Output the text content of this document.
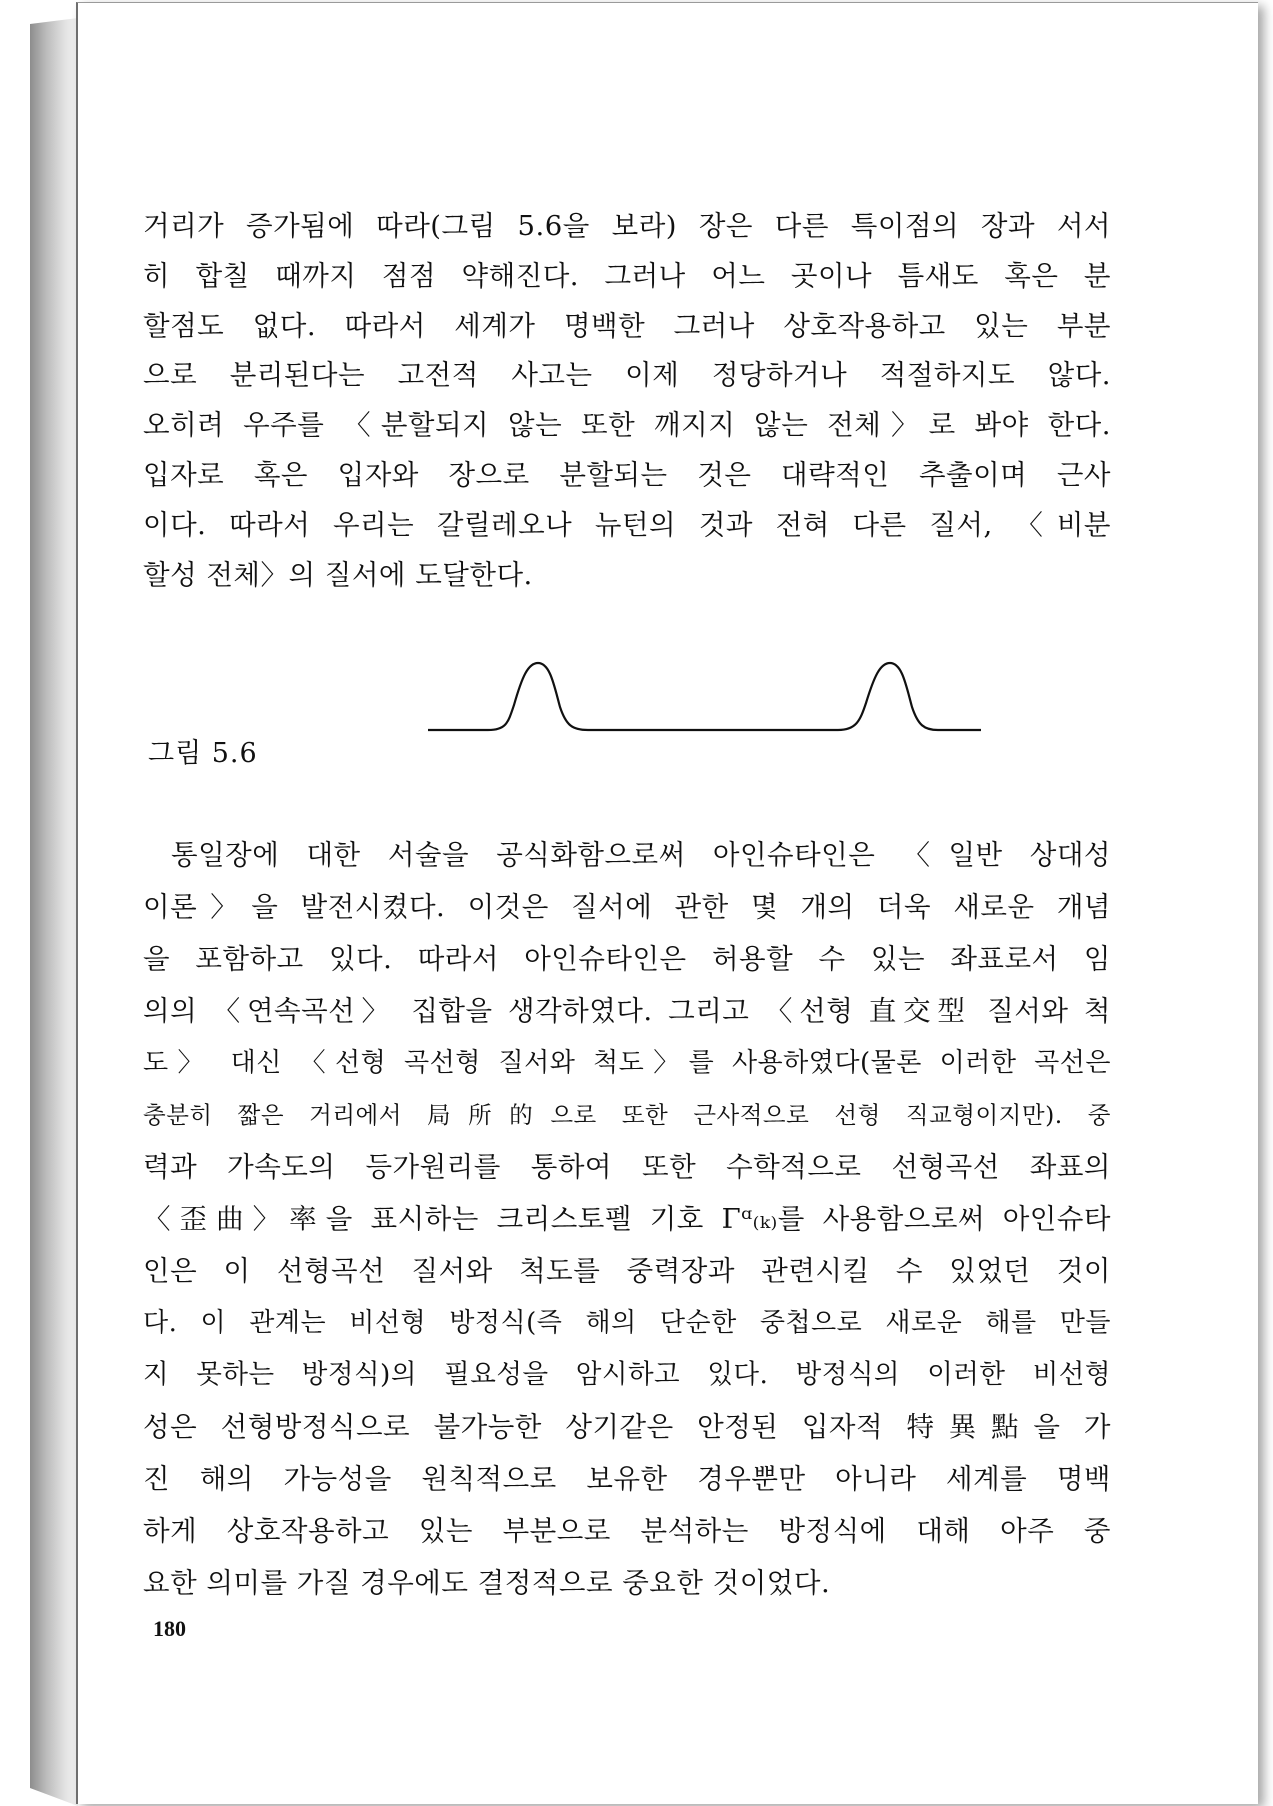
거리가 증가됨에 따라(그림 5.6을 보라) 장은 다른 특이점의 장과 서서

히 합칠 때까지 점점 약해진다. 그러나 어느 곳이나 틈새도 혹은 분

할점도 없다. 따라서 세계가 명백한 그러나 상호작용하고 있는 부분

으로 분리된다는 고전적 사고는 이제 정당하거나 적절하지도 않다.

오히려 우주를 〈분할되지 않는 또한 깨지지 않는 전체〉로 봐야 한다.

입자로 혹은 입자와 장으로 분할되는 것은 대략적인 추출이며 근사

이다. 따라서 우리는 갈릴레오나 뉴턴의 것과 전혀 다른 질서, 〈비분

할성 전체〉의 질서에 도달한다.

그림 5.6

통일장에 대한 서술을 공식화함으로써 아인슈타인은 〈일반 상대성

이론〉을 발전시켰다. 이것은 질서에 관한 몇 개의 더욱 새로운 개념

을 포함하고 있다. 따라서 아인슈타인은 허용할 수 있는 좌표로서 임

의의 〈연속곡선〉 집합을 생각하였다. 그리고 〈선형 直交型 질서와 척

도〉 대신 〈선형 곡선형 질서와 척도〉를 사용하였다(물론 이러한 곡선은

충분히 짧은 거리에서 局所的으로 또한 근사적으로 선형 직교형이지만). 중

력과 가속도의 등가원리를 통하여 또한 수학적으로 선형곡선 좌표의

〈歪曲〉率을 표시하는 크리스토펠 기호 Γᵅ₍ₖ₎를 사용함으로써 아인슈타

인은 이 선형곡선 질서와 척도를 중력장과 관련시킬 수 있었던 것이

다. 이 관계는 비선형 방정식(즉 해의 단순한 중첩으로 새로운 해를 만들

지 못하는 방정식)의 필요성을 암시하고 있다. 방정식의 이러한 비선형

성은 선형방정식으로 불가능한 상기같은 안정된 입자적 特異點을 가

진 해의 가능성을 원칙적으로 보유한 경우뿐만 아니라 세계를 명백

하게 상호작용하고 있는 부분으로 분석하는 방정식에 대해 아주 중

요한 의미를 가질 경우에도 결정적으로 중요한 것이었다.

180
